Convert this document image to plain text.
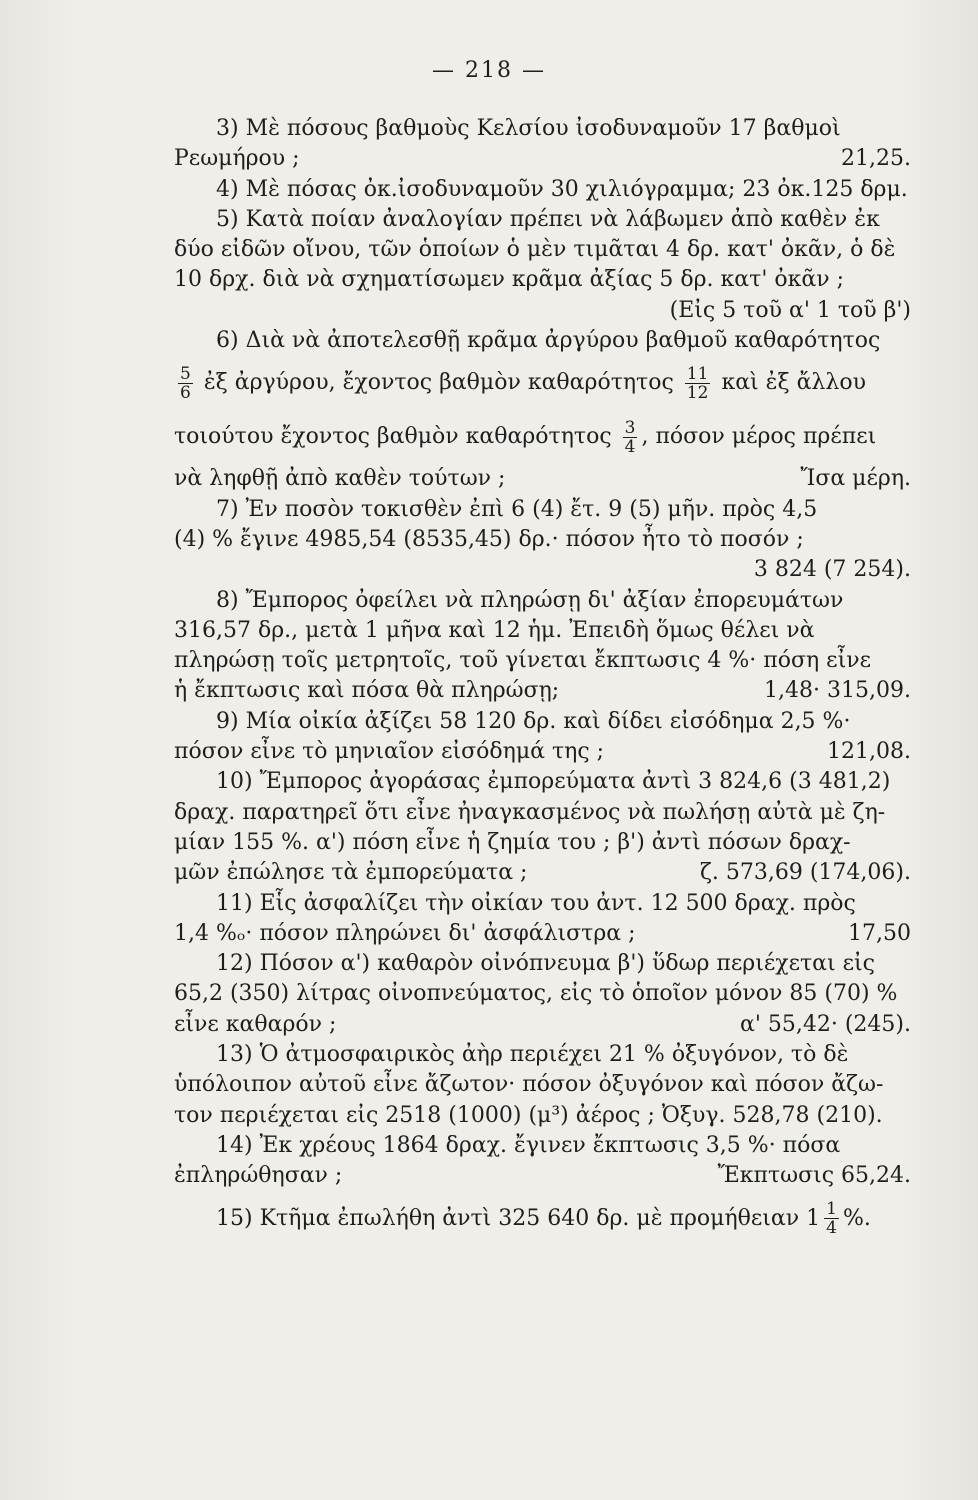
— 218 —
3) Μὲ πόσους βαθμοὺς Κελσίου ἰσοδυναμοῦν 17 βαθμοὶ
Ρεωμήρου ;	21,25.
4) Μὲ πόσας ὀκ.ἰσοδυναμοῦν 30 χιλιόγραμμα; 23 ὀκ.125 δρμ.
5) Κατὰ ποίαν ἀναλογίαν πρέπει νὰ λάβωμεν ἀπὸ καθὲν ἐκ
δύο εἰδῶν οἴνου, τῶν ὁποίων ὁ μὲν τιμᾶται 4 δρ. κατ' ὀκᾶν, ὁ δὲ
10 δρχ. διὰ νὰ σχηματίσωμεν κρᾶμα ἀξίας 5 δρ. κατ' ὀκᾶν ;
(Εἰς 5 τοῦ α' 1 τοῦ β')
6) Διὰ νὰ ἀποτελεσθῇ κρᾶμα ἀργύρου βαθμοῦ καθαρότητος
$\frac{5}{6}$ ἐξ ἀργύρου, ἔχοντος βαθμὸν καθαρότητος $\frac{11}{12}$ καὶ ἐξ ἄλλου
τοιούτου ἔχοντος βαθμὸν καθαρότητος $\frac{3}{4}$ , πόσον μέρος πρέπει
νὰ ληφθῇ ἀπὸ καθὲν τούτων ;	Ἴσα μέρη.
7) Ἐν ποσὸν τοκισθὲν ἐπὶ 6 (4) ἔτ. 9 (5) μῆν. πρὸς 4,5
(4) % ἔγινε 4985,54 (8535,45) δρ.· πόσον ἦτο τὸ ποσόν ;
3 824 (7 254).
8) Ἔμπορος ὀφείλει νὰ πληρώσῃ δι' ἀξίαν ἐπορευμάτων
316,57 δρ., μετὰ 1 μῆνα καὶ 12 ἡμ. Ἐπειδὴ ὅμως θέλει νὰ
πληρώσῃ τοῖς μετρητοῖς, τοῦ γίνεται ἔκπτωσις 4 %· πόση εἶνε
ἡ ἔκπτωσις καὶ πόσα θὰ πληρώσῃ;	1,48· 315,09.
9) Μία οἰκία ἀξίζει 58 120 δρ. καὶ δίδει εἰσόδημα 2,5 %·
πόσον εἶνε τὸ μηνιαῖον εἰσόδημά της ;	121,08.
10) Ἔμπορος ἀγοράσας ἐμπορεύματα ἀντὶ 3 824,6 (3 481,2)
δραχ. παρατηρεῖ ὅτι εἶνε ἠναγκασμένος νὰ πωλήσῃ αὐτὰ μὲ ζη-
μίαν 155 %. α') πόση εἶνε ἡ ζημία του ; β') ἀντὶ πόσων δραχ-
μῶν ἐπώλησε τὰ ἐμπορεύματα ;	ζ. 573,69 (174,06).
11) Εἷς ἀσφαλίζει τὴν οἰκίαν του ἀντ. 12 500 δραχ. πρὸς
1,4 %ₒ· πόσον πληρώνει δι' ἀσφάλιστρα ;	17,50
12) Πόσον α') καθαρὸν οἰνόπνευμα β') ὕδωρ περιέχεται εἰς
65,2 (350) λίτρας οἰνοπνεύματος, εἰς τὸ ὁποῖον μόνον 85 (70) %
εἶνε καθαρόν ;	α' 55,42· (245).
13) Ὁ ἀτμοσφαιρικὸς ἀὴρ περιέχει 21 % ὀξυγόνον, τὸ δὲ
ὑπόλοιπον αὐτοῦ εἶνε ἄζωτον· πόσον ὀξυγόνον καὶ πόσον ἄζω-
τον περιέχεται εἰς 2518 (1000) (μ³) ἀέρος ; Ὀξυγ. 528,78 (210).
14) Ἐκ χρέους 1864 δραχ. ἔγινεν ἔκπτωσις 3,5 %· πόσα
ἐπληρώθησαν ;	Ἔκπτωσις 65,24.
15) Κτῆμα ἐπωλήθη ἀντὶ 325 640 δρ. μὲ προμήθειαν $1 \frac{1}{4}$ %.
